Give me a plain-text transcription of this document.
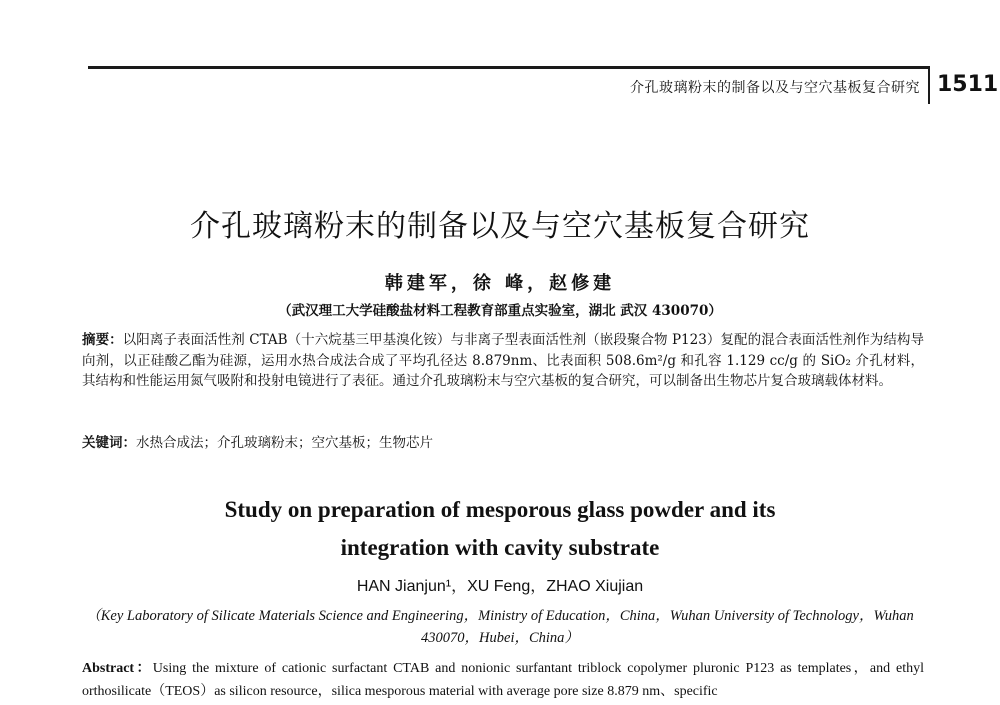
介孔玻璃粉末的制备以及与空穴基板复合研究 1511
介孔玻璃粉末的制备以及与空穴基板复合研究
韩建军，徐 峰，赵修建
（武汉理工大学硅酸盐材料工程教育部重点实验室，湖北 武汉 430070）
摘要：以阳离子表面活性剂 CTAB（十六烷基三甲基溴化铵）与非离子型表面活性剂（嵌段聚合物 P123）复配的混合表面活性剂作为结构导向剂，以正硅酸乙酯为硅源，运用水热合成法合成了平均孔径达 8.879nm、比表面积 508.6m²/g 和孔容 1.129 cc/g 的 SiO₂ 介孔材料，其结构和性能运用氮气吸附和投射电镜进行了表征。通过介孔玻璃粉末与空穴基板的复合研究，可以制备出生物芯片复合玻璃载体材料。
关键词：水热合成法；介孔玻璃粉末；空穴基板；生物芯片
Study on preparation of mesporous glass powder and its
integration with cavity substrate
HAN Jianjun¹，XU Feng，ZHAO Xiujian
（Key Laboratory of Silicate Materials Science and Engineering，Ministry of Education，China，Wuhan University of Technology，Wuhan 430070，Hubei，China）
Abstract：Using the mixture of cationic surfactant CTAB and nonionic surfantant triblock copolymer pluronic P123 as templates，and ethyl orthosilicate（TEOS）as silicon resource，silica mesporous material with average pore size 8.879 nm、specific
